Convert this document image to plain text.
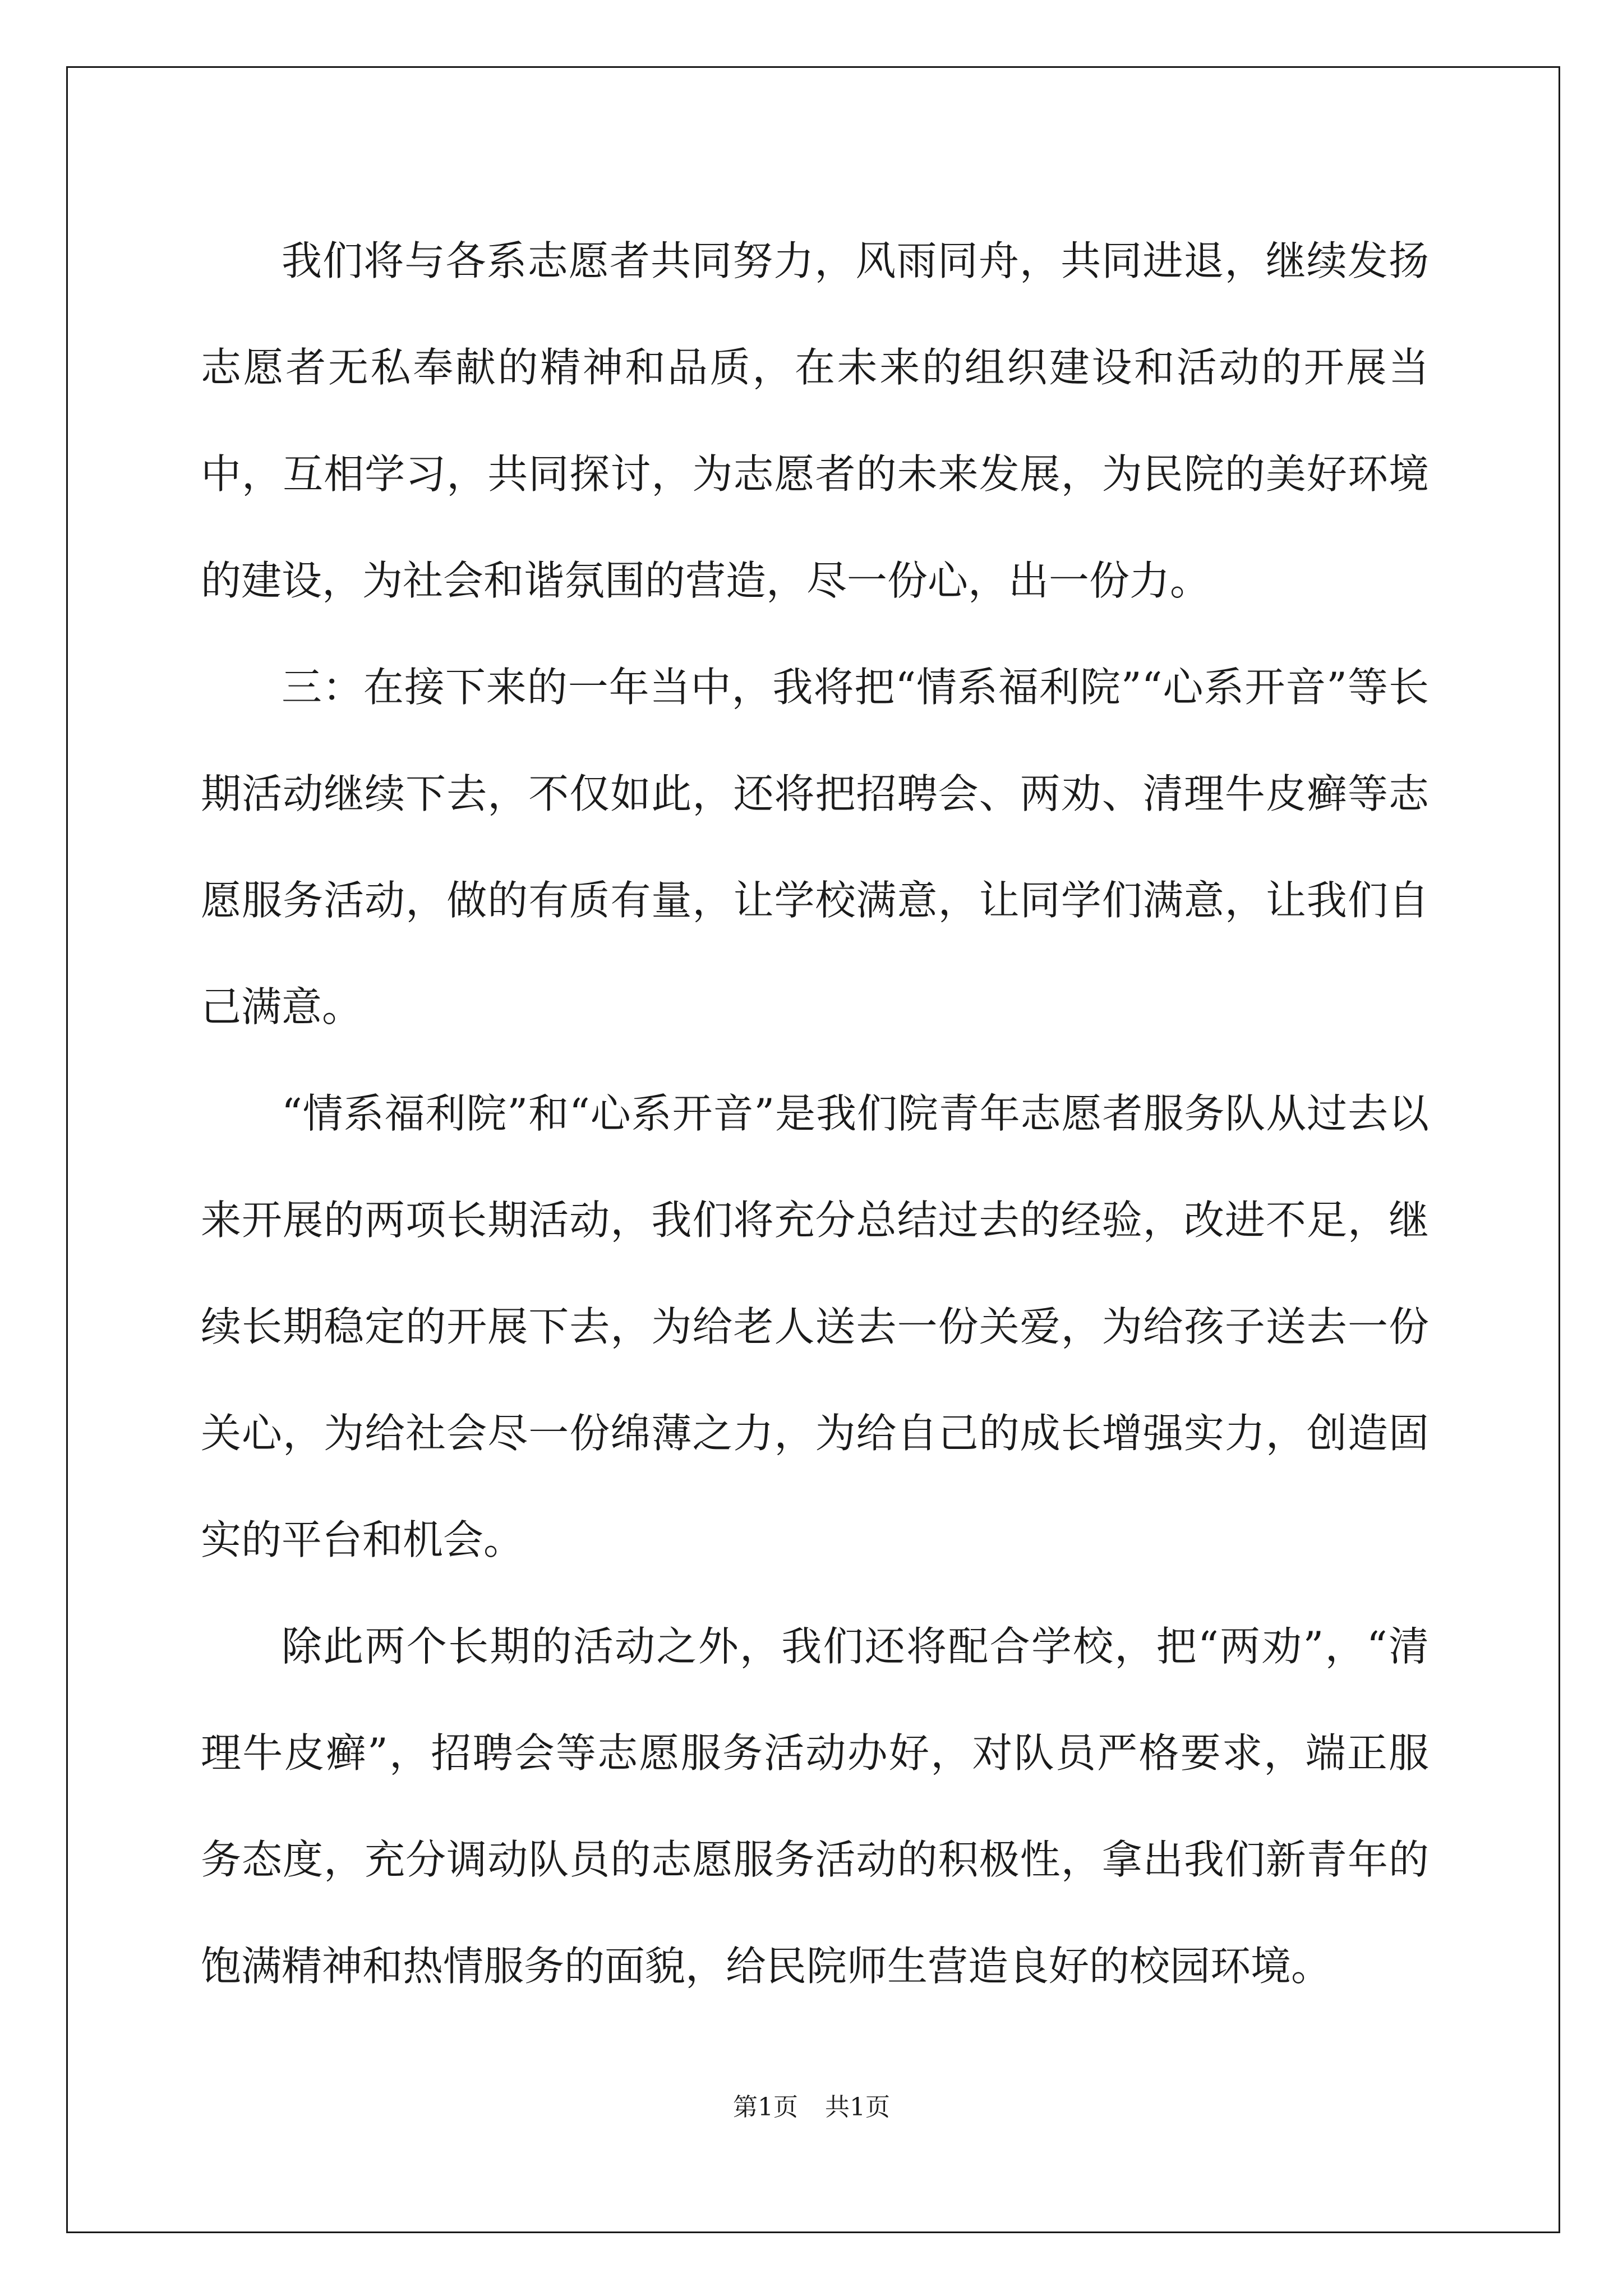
我们将与各系志愿者共同努力，风雨同舟，共同进退，继续发扬志愿者无私奉献的精神和品质，在未来的组织建设和活动的开展当中，互相学习，共同探讨，为志愿者的未来发展，为民院的美好环境的建设，为社会和谐氛围的营造，尽一份心，出一份力。

三：在接下来的一年当中，我将把“情系福利院”“心系开音”等长期活动继续下去，不仅如此，还将把招聘会、两劝、清理牛皮癣等志愿服务活动，做的有质有量，让学校满意，让同学们满意，让我们自己满意。

“情系福利院”和“心系开音”是我们院青年志愿者服务队从过去以来开展的两项长期活动，我们将充分总结过去的经验，改进不足，继续长期稳定的开展下去，为给老人送去一份关爱，为给孩子送去一份关心，为给社会尽一份绵薄之力，为给自己的成长增强实力，创造固实的平台和机会。

除此两个长期的活动之外，我们还将配合学校，把“两劝”，“清理牛皮癣”，招聘会等志愿服务活动办好，对队员严格要求，端正服务态度，充分调动队员的志愿服务活动的积极性，拿出我们新青年的饱满精神和热情服务的面貌，给民院师生营造良好的校园环境。

第1页 共1页
